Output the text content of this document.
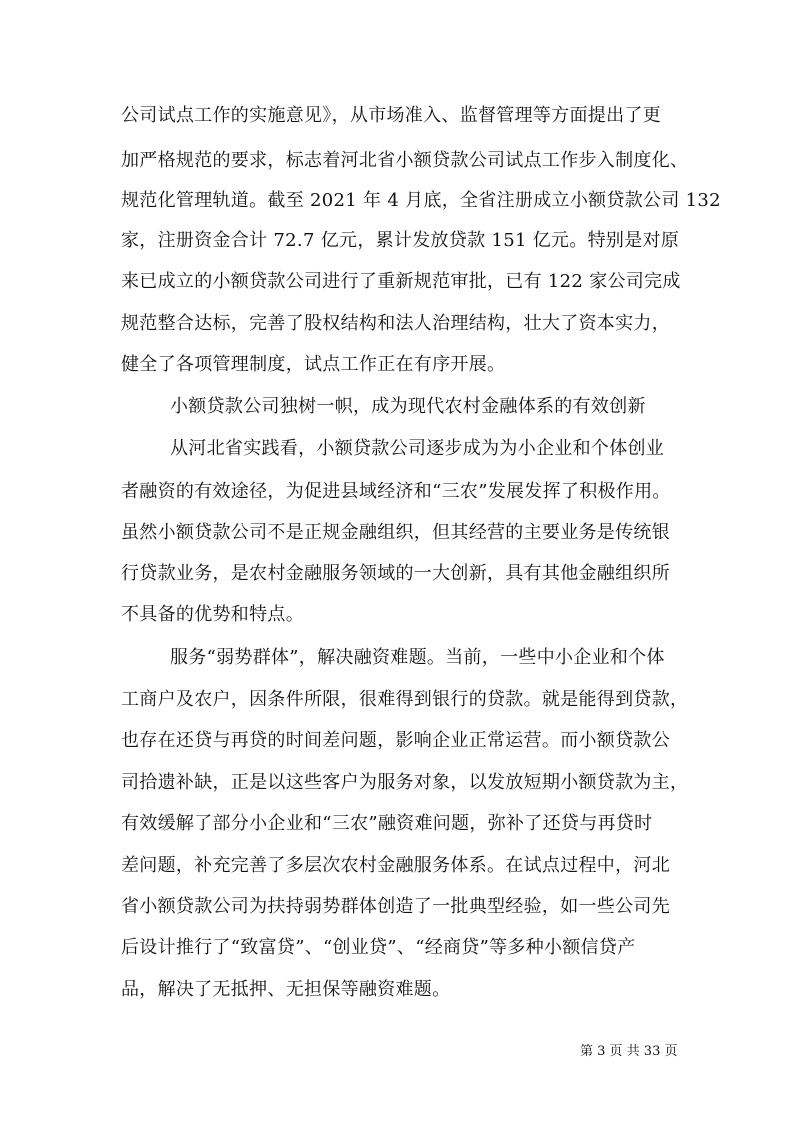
公司试点工作的实施意见》，从市场准入、监督管理等方面提出了更
加严格规范的要求，标志着河北省小额贷款公司试点工作步入制度化、
规范化管理轨道。截至 2021 年 4 月底，全省注册成立小额贷款公司 132
家，注册资金合计 72.7 亿元，累计发放贷款 151 亿元。特别是对原
来已成立的小额贷款公司进行了重新规范审批，已有 122 家公司完成
规范整合达标，完善了股权结构和法人治理结构，壮大了资本实力，
健全了各项管理制度，试点工作正在有序开展。
小额贷款公司独树一帜，成为现代农村金融体系的有效创新
从河北省实践看，小额贷款公司逐步成为为小企业和个体创业
者融资的有效途径，为促进县域经济和“三农”发展发挥了积极作用。
虽然小额贷款公司不是正规金融组织，但其经营的主要业务是传统银
行贷款业务，是农村金融服务领域的一大创新，具有其他金融组织所
不具备的优势和特点。
服务“弱势群体”，解决融资难题。当前，一些中小企业和个体
工商户及农户，因条件所限，很难得到银行的贷款。就是能得到贷款，
也存在还贷与再贷的时间差问题，影响企业正常运营。而小额贷款公
司拾遗补缺，正是以这些客户为服务对象，以发放短期小额贷款为主，
有效缓解了部分小企业和“三农”融资难问题，弥补了还贷与再贷时
差问题，补充完善了多层次农村金融服务体系。在试点过程中，河北
省小额贷款公司为扶持弱势群体创造了一批典型经验，如一些公司先
后设计推行了“致富贷”、“创业贷”、“经商贷”等多种小额信贷产
品，解决了无抵押、无担保等融资难题。
第 3 页 共 33 页
